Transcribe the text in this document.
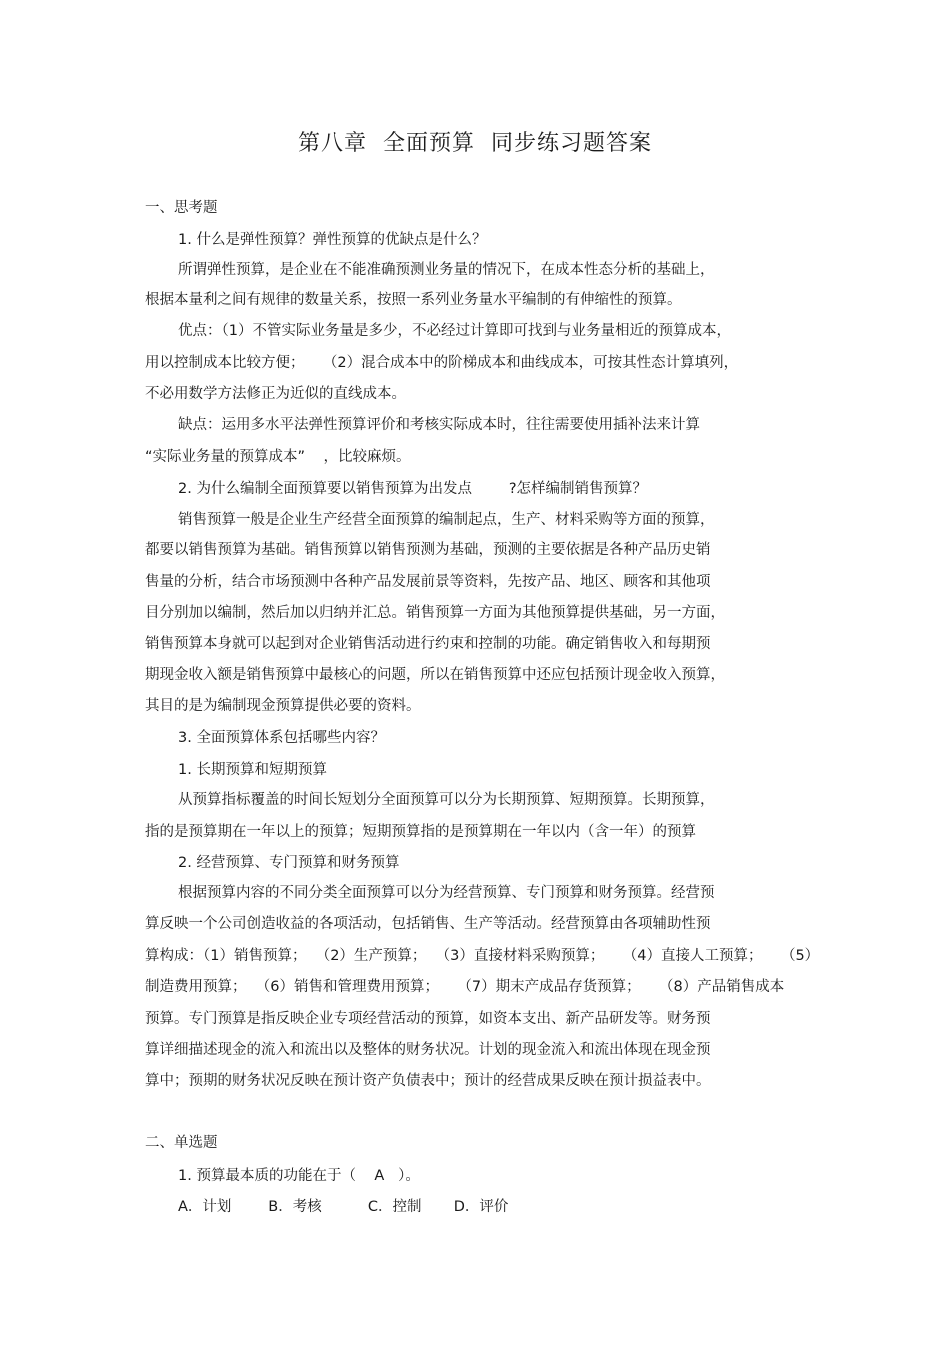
第八章  全面预算  同步练习题答案
一、思考题
1. 什么是弹性预算？弹性预算的优缺点是什么？
所谓弹性预算，是企业在不能准确预测业务量的情况下，在成本性态分析的基础上，
根据本量利之间有规律的数量关系，按照一系列业务量水平编制的有伸缩性的预算。
优点：（1）不管实际业务量是多少，不必经过计算即可找到与业务量相近的预算成本，
用以控制成本比较方便；    （2）混合成本中的阶梯成本和曲线成本，可按其性态计算填列，
不必用数学方法修正为近似的直线成本。
缺点：运用多水平法弹性预算评价和考核实际成本时，往往需要使用插补法来计算
“实际业务量的预算成本”    ，比较麻烦。
2. 为什么编制全面预算要以销售预算为出发点        ?怎样编制销售预算？
销售预算一般是企业生产经营全面预算的编制起点，生产、材料采购等方面的预算，
都要以销售预算为基础。销售预算以销售预测为基础，预测的主要依据是各种产品历史销
售量的分析，结合市场预测中各种产品发展前景等资料，先按产品、地区、顾客和其他项
目分别加以编制，然后加以归纳并汇总。销售预算一方面为其他预算提供基础，另一方面，
销售预算本身就可以起到对企业销售活动进行约束和控制的功能。确定销售收入和每期预
期现金收入额是销售预算中最核心的问题，所以在销售预算中还应包括预计现金收入预算，
其目的是为编制现金预算提供必要的资料。
3. 全面预算体系包括哪些内容？
1. 长期预算和短期预算
从预算指标覆盖的时间长短划分全面预算可以分为长期预算、短期预算。长期预算，
指的是预算期在一年以上的预算；短期预算指的是预算期在一年以内（含一年）的预算
2. 经营预算、专门预算和财务预算
根据预算内容的不同分类全面预算可以分为经营预算、专门预算和财务预算。经营预
算反映一个公司创造收益的各项活动，包括销售、生产等活动。经营预算由各项辅助性预
算构成：（1）销售预算；  （2）生产预算；  （3）直接材料采购预算；    （4）直接人工预算；    （5）
制造费用预算；  （6）销售和管理费用预算；    （7）期末产成品存货预算；    （8）产品销售成本
预算。专门预算是指反映企业专项经营活动的预算，如资本支出、新产品研发等。财务预
算详细描述现金的流入和流出以及整体的财务状况。计划的现金流入和流出体现在现金预
算中；预期的财务状况反映在预计资产负债表中；预计的经营成果反映在预计损益表中。
二、单选题
1. 预算最本质的功能在于（    A   ）。
A．计划        B．考核          C．控制       D．评价
